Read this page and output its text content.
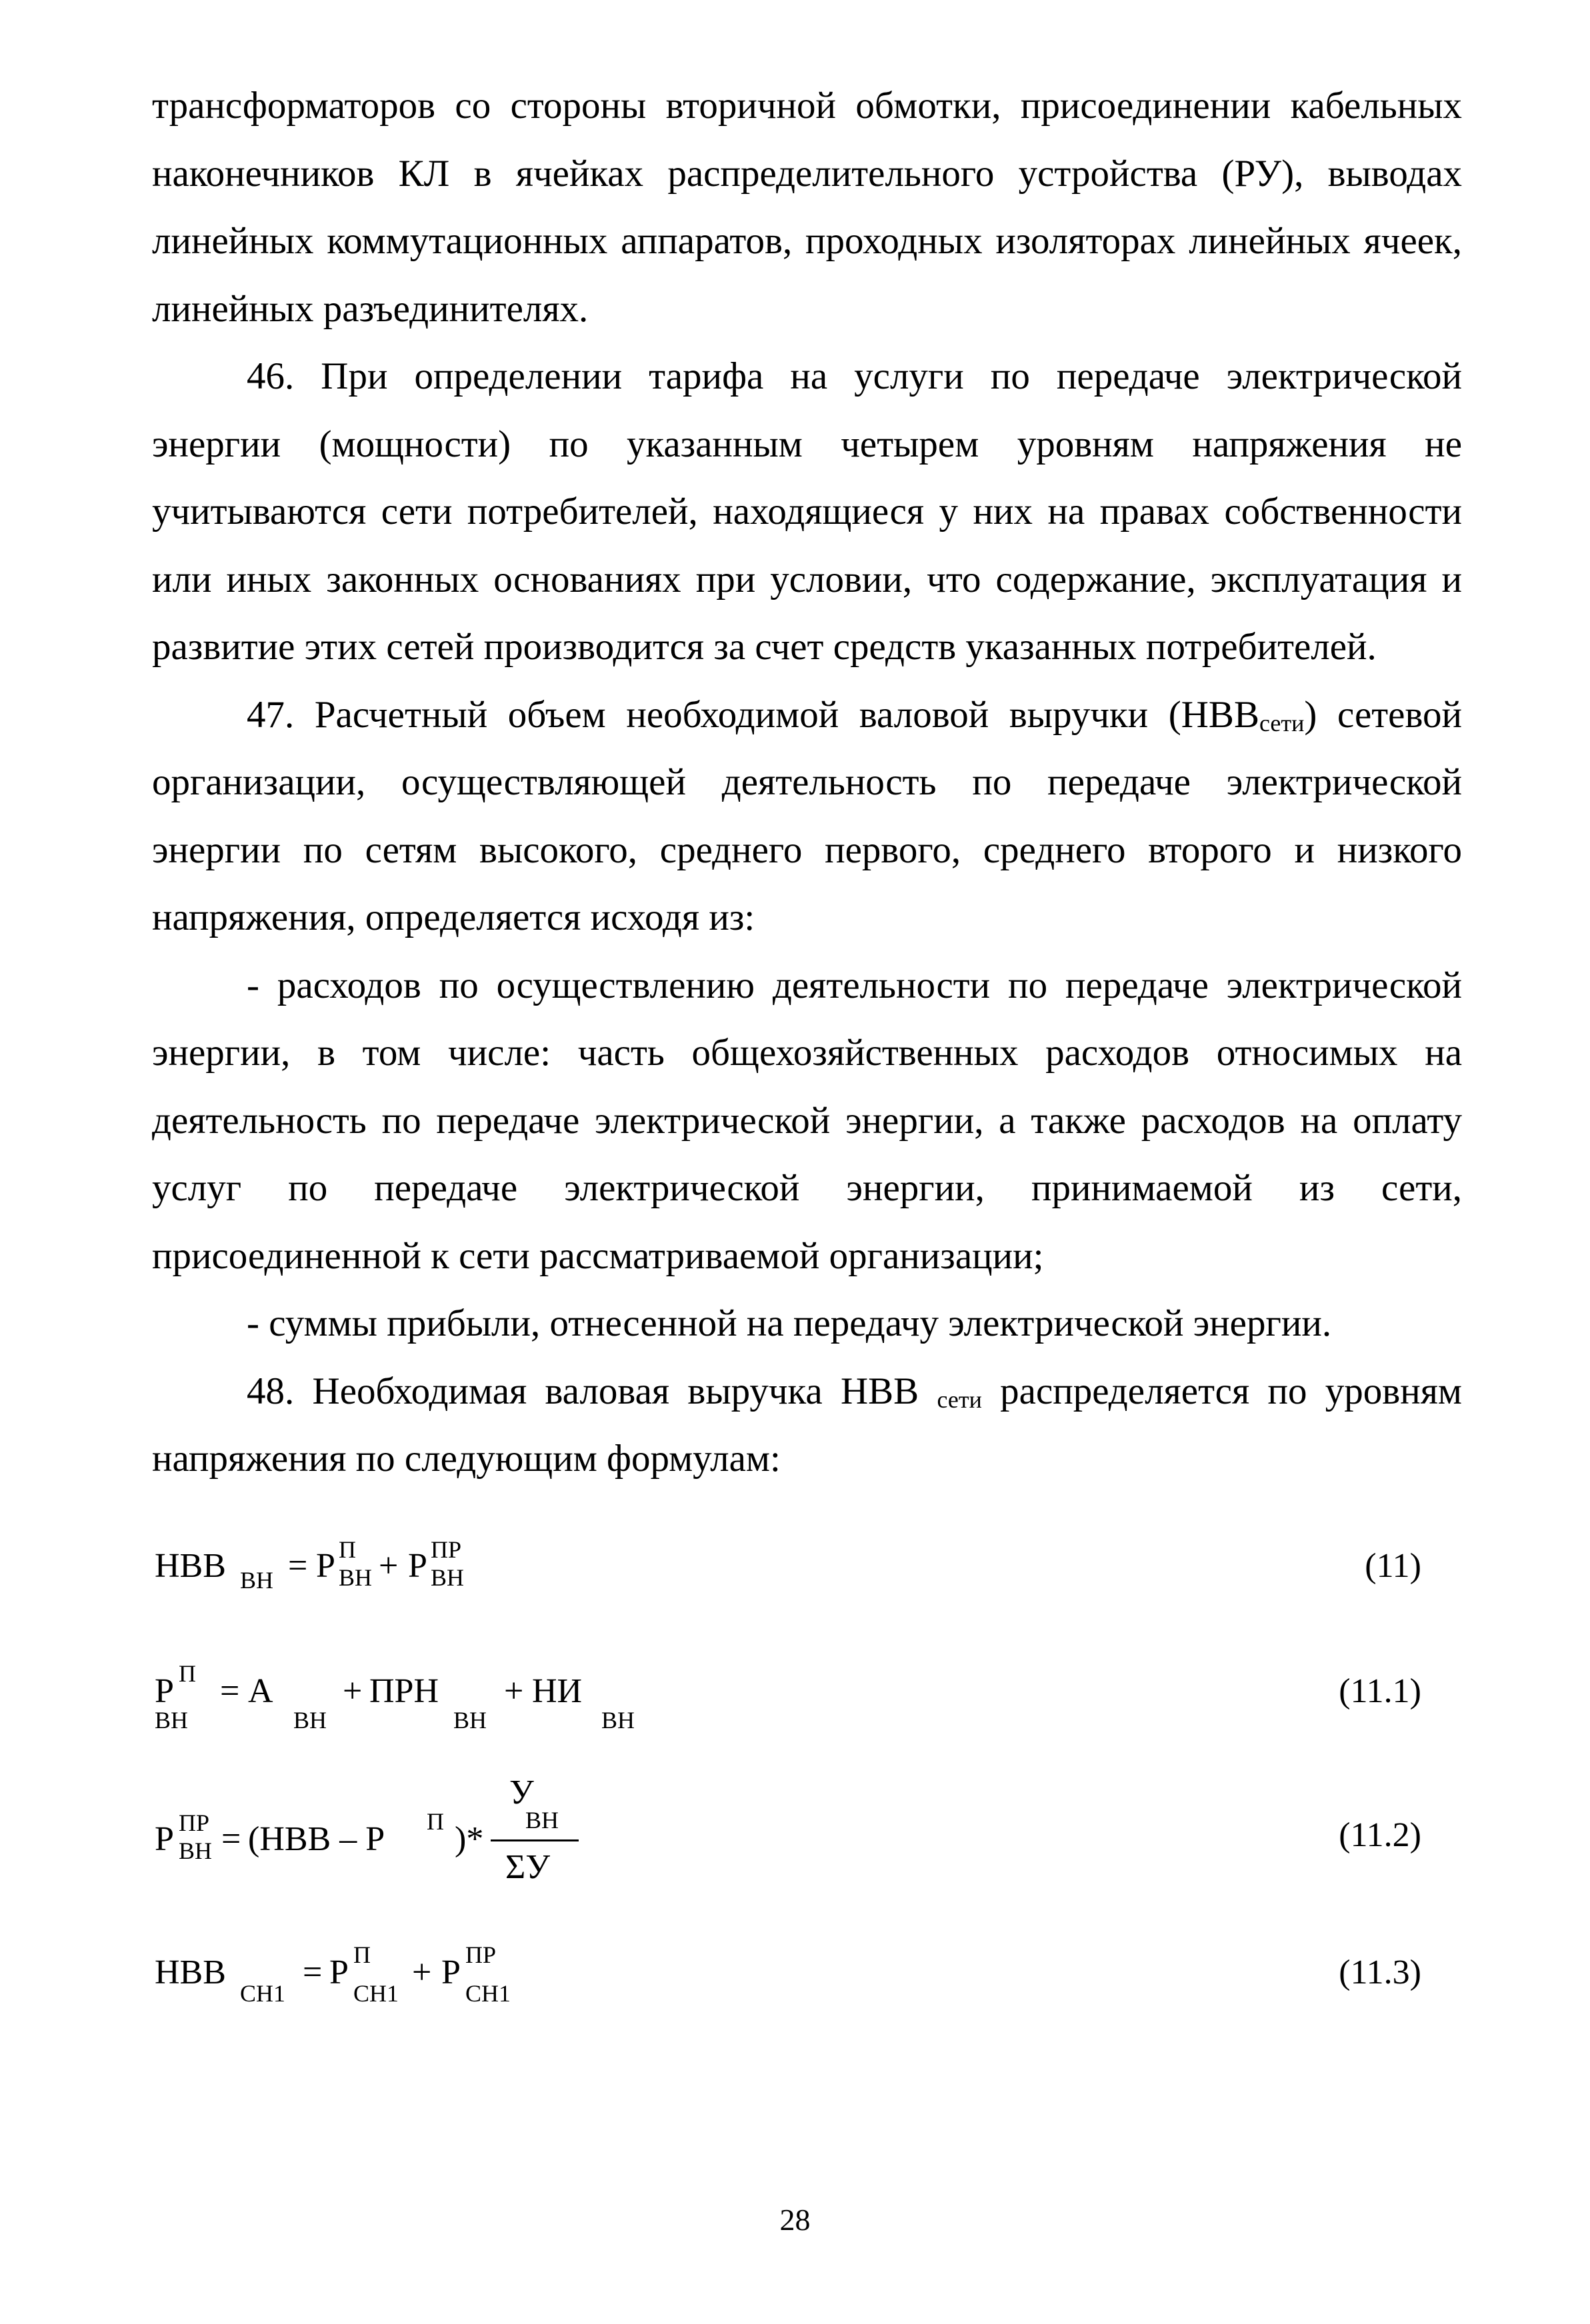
трансформаторов со стороны вторичной обмотки, присоединении кабельных наконечников КЛ в ячейках распределительного устройства (РУ), выводах линейных коммутационных аппаратов, проходных изоляторах линейных ячеек, линейных разъединителях.

46. При определении тарифа на услуги по передаче электрической энергии (мощности) по указанным четырем уровням напряжения не учитываются сети потребителей, находящиеся у них на правах собственности или иных законных основаниях при условии, что содержание, эксплуатация и развитие этих сетей производится за счет средств указанных потребителей.

47. Расчетный объем необходимой валовой выручки (НВВсети) сетевой организации, осуществляющей деятельность по передаче электрической энергии по сетям высокого, среднего первого, среднего второго и низкого напряжения, определяется исходя из:

- расходов по осуществлению деятельности по передаче электрической энергии, в том числе: часть общехозяйственных расходов относимых на деятельность по передаче электрической энергии, а также расходов на оплату услуг по передаче электрической энергии, принимаемой из сети, присоединенной к сети рассматриваемой организации;

- суммы прибыли, отнесенной на передачу электрической энергии.

48. Необходимая валовая выручка НВВ сети распределяется по уровням напряжения по следующим формулам:

НВВ ВН = P П
ВН + P ПР
ВН	(11)
P П
ВН
= А
ВН
+ ПРН
ВН
+ НИ
ВН
(11.1)
P ПР
ВН = (НВВ – P П )*
У
ВН
ΣУ
(11.2)
НВВ
СН1
= P П
СН1
+ P ПР
СН1
(11.3)
28
